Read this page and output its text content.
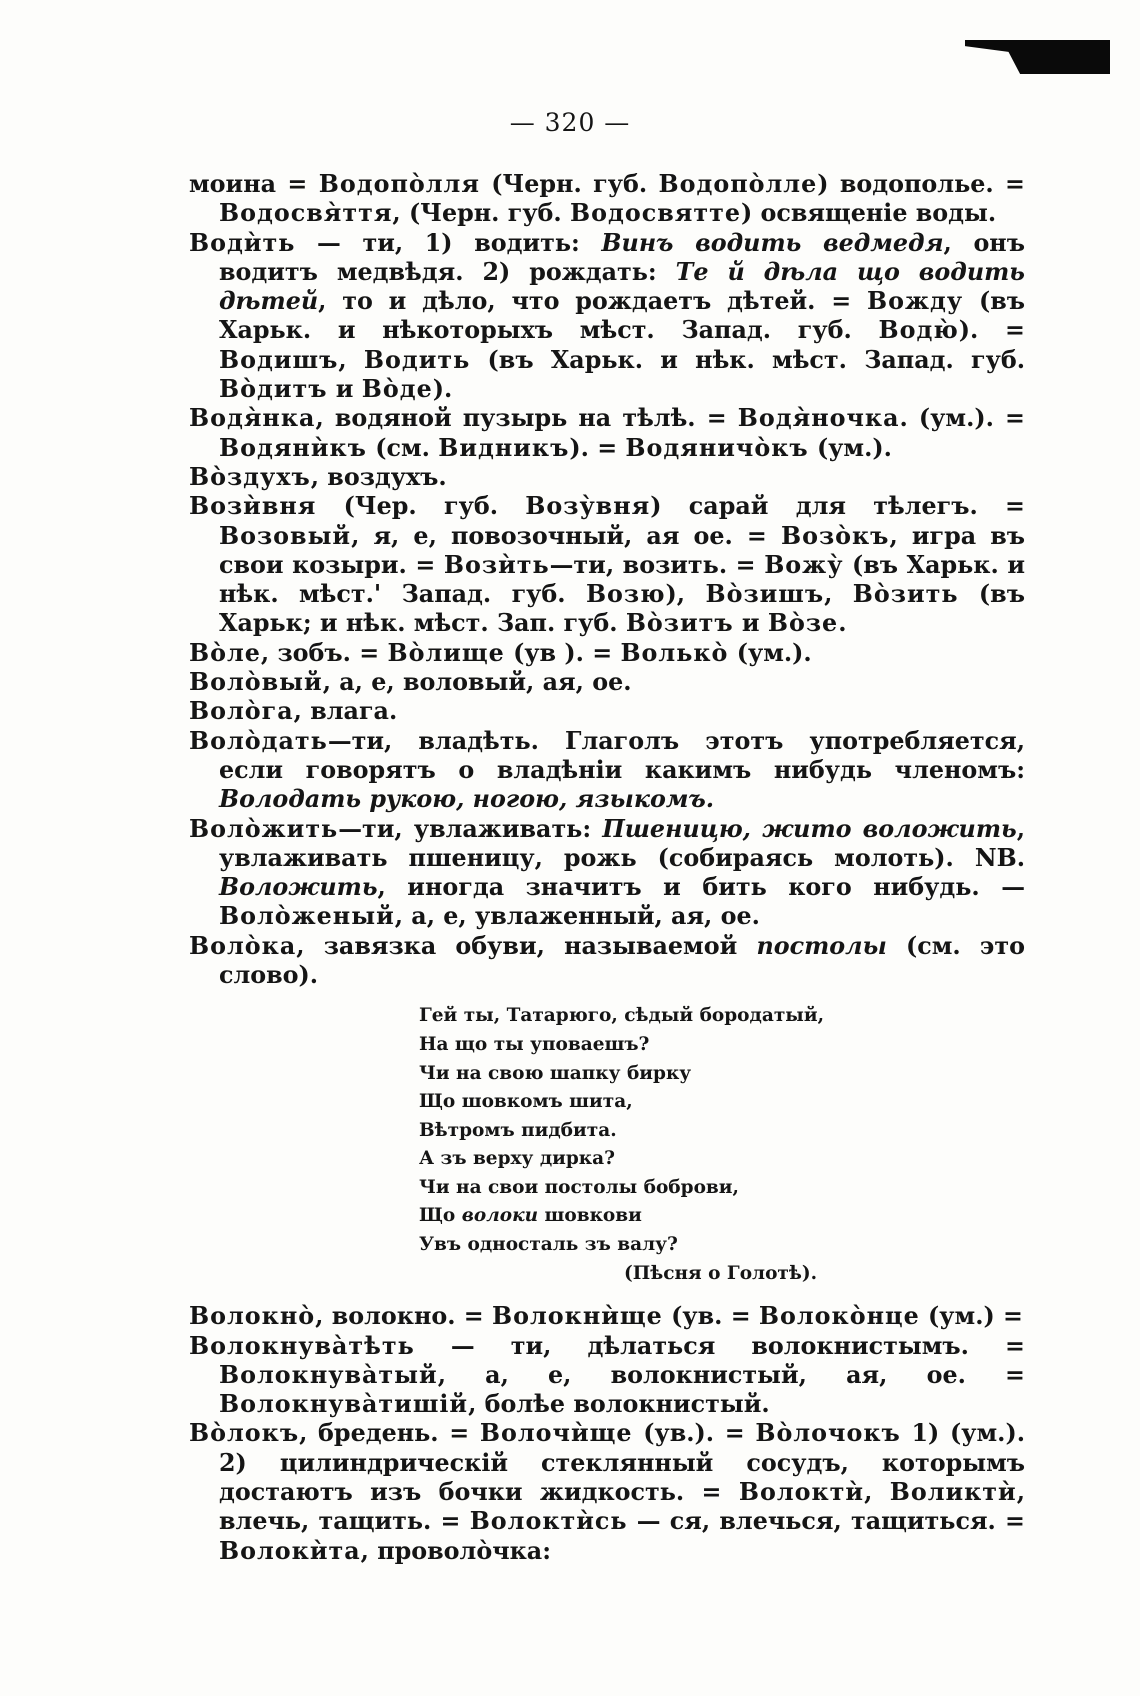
— 320 —
моина = Водопо̀лля (Черн. губ. Водопо̀лле) водополье. = Водосвя̀ття, (Черн. губ. Водосвятте) освященіе воды.
Водѝть — ти, 1) водить: Винъ водить ведмедя, онъ водитъ медвѣдя. 2) рождать: Те й дѣла що водить дѣтей, то и дѣло, что рождаетъ дѣтей. = Вожду (въ Харьк. и нѣкоторыхъ мѣст. Запад. губ. Водю̀). = Водишъ, Водить (въ Харьк. и нѣк. мѣст. Запад. губ. Во̀дитъ и Во̀де).
Водя̀нка, водяной пузырь на тѣлѣ. = Водя̀ночка. (ум.). = Водянѝкъ (см. Видникъ). = Водяничо̀къ (ум.).
Во̀здухъ, воздухъ.
Возѝвня (Чер. губ. Возу̀вня) сарай для тѣлегъ. = Возовый, я, е, повозочный, ая ое. = Возо̀къ, игра въ свои козыри. = Возѝть—ти, возить. = Вожу̀ (въ Харьк. и нѣк. мѣст.' Запад. губ. Возю), Во̀зишъ, Во̀зить (въ Харьк; и нѣк. мѣст. Зап. губ. Во̀зитъ и Во̀зе.
Во̀ле, зобъ. = Во̀лище (ув ). = Волько̀ (ум.).
Воло̀вый, а, е, воловый, ая, ое.
Воло̀га, влага.
Воло̀дать—ти, владѣть. Глаголъ этотъ употребляется, если говорятъ о владѣніи какимъ нибудь членомъ: Володать рукою, ногою, языкомъ.
Воло̀жить—ти, увлаживать: Пшеницю, жито воложить, увлаживать пшеницу, рожь (собираясь молоть). NB. Воложить, иногда значитъ и бить кого нибудь. — Воло̀женый, а, е, увлаженный, ая, ое.
Воло̀ка, завязка обуви, называемой постолы (см. это слово).
Гей ты, Татарюго, сѣдый бородатый,
На що ты уповаешъ?
Чи на свою шапку бирку
Що шовкомъ шита,
Вѣтромъ пидбита.
А зъ верху дирка?
Чи на свои постолы боброви,
Що волоки шовкови
Увъ односталь зъ валу?
(Пѣсня о Голотѣ).
Волокно̀, волокно. = Волокнѝще (ув. = Волоко̀нце (ум.) =
Волокнува̀тѣть — ти, дѣлаться волокнистымъ. = Волокнува̀тый, а, е, волокнистый, ая, ое. = Волокнува̀тишій, болѣе волокнистый.
Во̀локъ, бредень. = Волочѝще (ув.). = Во̀лочокъ 1) (ум.). 2) цилиндрическій стеклянный сосудъ, которымъ достаютъ изъ бочки жидкость. = Волоктѝ, Воликтѝ, влечь, тащить. = Волоктѝсь — ся, влечься, тащиться. = Волокѝта, проволо̀чка:
